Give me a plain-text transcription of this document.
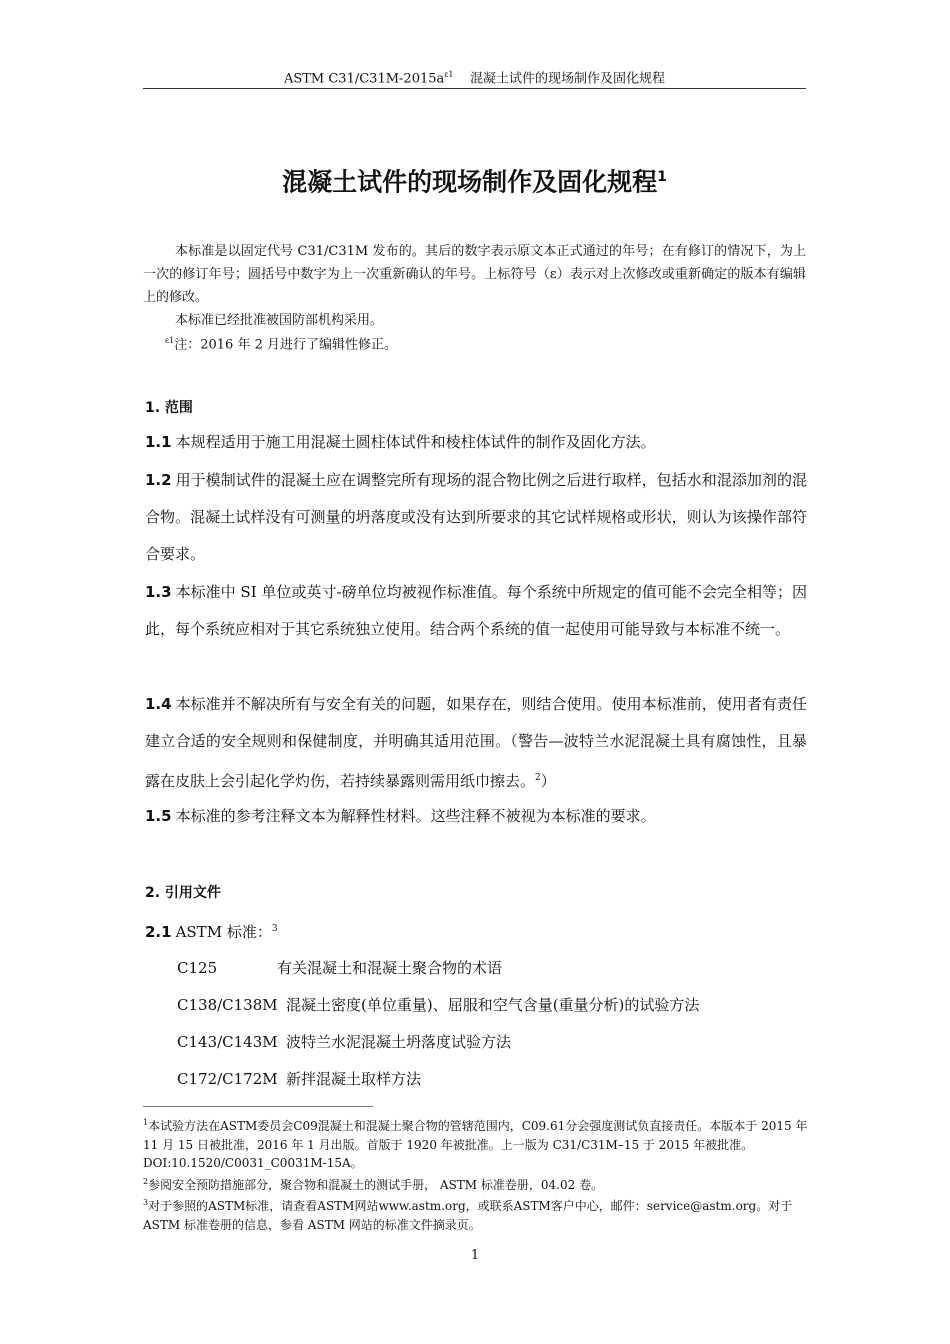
ASTM $C31/C31M-2015a^{\varepsilon 1}$ 混凝土试件的现场制作及固化规程
混凝土试件的现场制作及固化规程$^1$

本标准是以固定代号 C31/C31M 发布的。其后的数字表示原文本正式通过的年号；在有修订的情况下，为上一次的修订年号；圆括号中数字为上一次重新确认的年号。上标符号（ε）表示对上次修改或重新确定的版本有编辑上的修改。

本标准已经批准被国防部机构采用。

$^{\varepsilon 1}$注：2016 年 2 月进行了编辑性修正。

1. 范围
1.1 本规程适用于施工用混凝土圆柱体试件和棱柱体试件的制作及固化方法。
1.2 用于模制试件的混凝土应在调整完所有现场的混合物比例之后进行取样，包括水和混添加剂的混合物。混凝土试样没有可测量的坍落度或没有达到所要求的其它试样规格或形状，则认为该操作部符合要求。
1.3 本标准中 SI 单位或英寸-磅单位均被视作标准值。每个系统中所规定的值可能不会完全相等；因此，每个系统应相对于其它系统独立使用。结合两个系统的值一起使用可能导致与本标准不统一。
1.4 本标准并不解决所有与安全有关的问题，如果存在，则结合使用。使用本标准前，使用者有责任建立合适的安全规则和保健制度，并明确其适用范围。（警告—波特兰水泥混凝土具有腐蚀性，且暴露在皮肤上会引起化学灼伤，若持续暴露则需用纸巾擦去。$^2$）
1.5 本标准的参考注释文本为解释性材料。这些注释不被视为本标准的要求。
2. 引用文件
2.1 ASTM 标准：$^3$
C125	有关混凝土和混凝土聚合物的术语
C138/C138M 混凝土密度(单位重量)、屈服和空气含量(重量分析)的试验方法
C143/C143M 波特兰水泥混凝土坍落度试验方法
C172/C172M 新拌混凝土取样方法

$^1$本试验方法在ASTM委员会C09混凝土和混凝土聚合物的管辖范围内，C09.61分会强度测试负直接责任。本版本于 2015 年 11 月 15 日被批准，2016 年 1 月出版。首版于 1920 年被批准。上一版为 C31/C31M–15 于 2015 年被批准。DOI:10.1520/C0031_C0031M-15A。

$^2$参阅安全预防措施部分，聚合物和混凝土的测试手册， ASTM 标准卷册，04.02 卷。

$^3$对于参照的ASTM标准，请查看ASTM网站www.astm.org，或联系ASTM客户中心，邮件：service@astm.org。对于 ASTM 标准卷册的信息，参看 ASTM 网站的标准文件摘录页。

1
